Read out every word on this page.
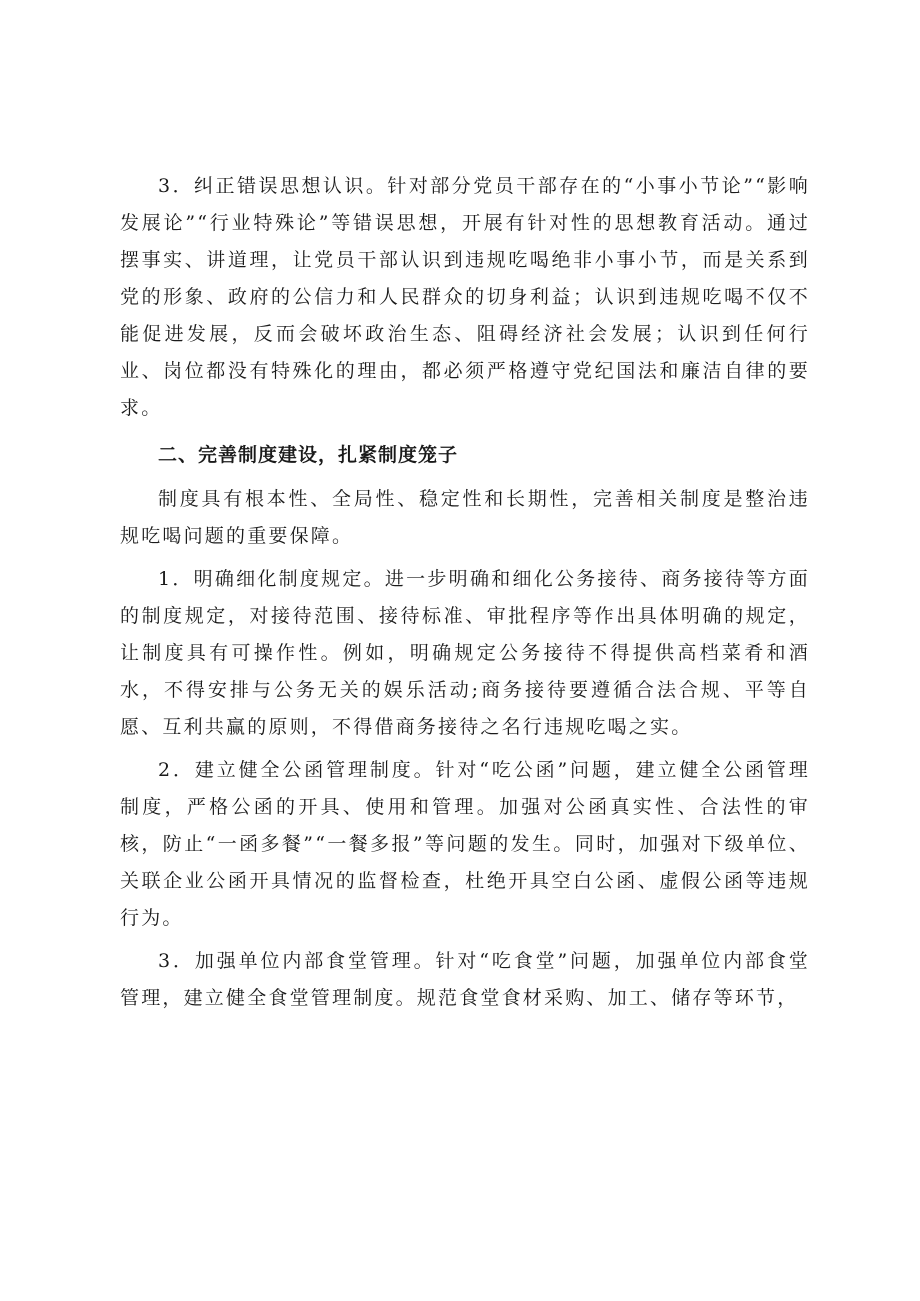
3．纠正错误思想认识。针对部分党员干部存在的“小事小节论”“影响发展论”“行业特殊论”等错误思想，开展有针对性的思想教育活动。通过摆事实、讲道理，让党员干部认识到违规吃喝绝非小事小节，而是关系到党的形象、政府的公信力和人民群众的切身利益；认识到违规吃喝不仅不能促进发展，反而会破坏政治生态、阻碍经济社会发展；认识到任何行业、岗位都没有特殊化的理由，都必须严格遵守党纪国法和廉洁自律的要求。

二、完善制度建设，扎紧制度笼子

制度具有根本性、全局性、稳定性和长期性，完善相关制度是整治违规吃喝问题的重要保障。

1．明确细化制度规定。进一步明确和细化公务接待、商务接待等方面的制度规定，对接待范围、接待标准、审批程序等作出具体明确的规定，让制度具有可操作性。例如，明确规定公务接待不得提供高档菜肴和酒水，不得安排与公务无关的娱乐活动;商务接待要遵循合法合规、平等自愿、互利共赢的原则，不得借商务接待之名行违规吃喝之实。

2．建立健全公函管理制度。针对“吃公函”问题，建立健全公函管理制度，严格公函的开具、使用和管理。加强对公函真实性、合法性的审核，防止“一函多餐”“一餐多报”等问题的发生。同时，加强对下级单位、关联企业公函开具情况的监督检查，杜绝开具空白公函、虚假公函等违规行为。

3．加强单位内部食堂管理。针对“吃食堂”问题，加强单位内部食堂管理，建立健全食堂管理制度。规范食堂食材采购、加工、储存等环节，
